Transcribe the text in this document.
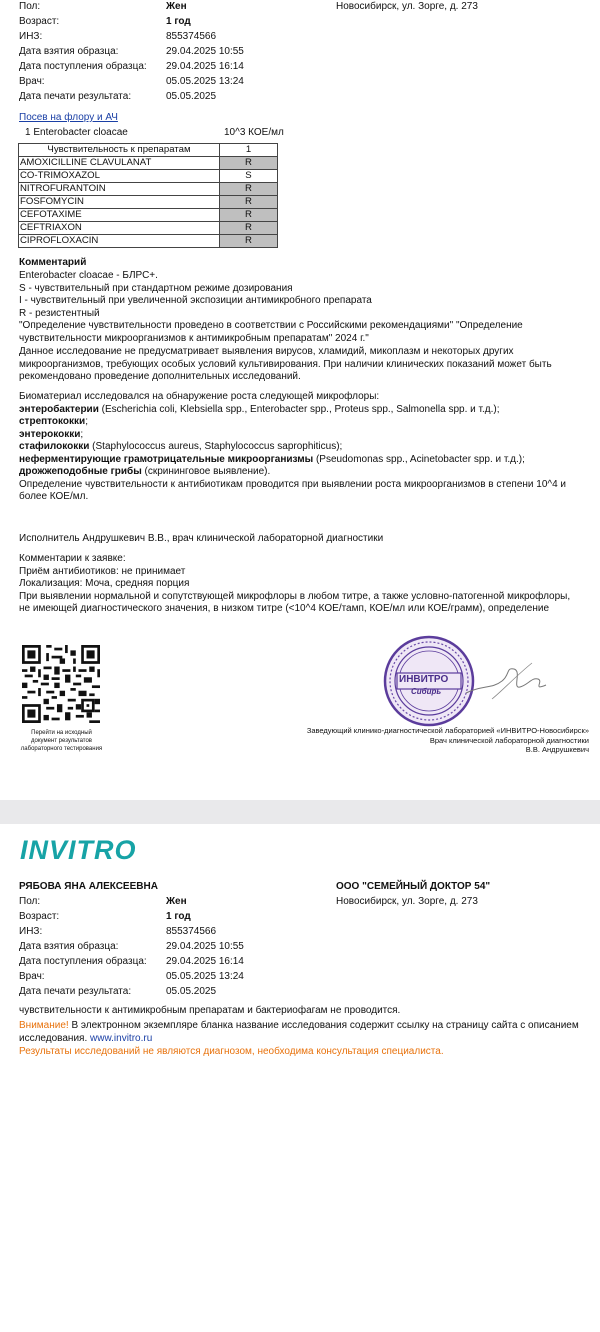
Пол:	Жен	Новосибирск, ул. Зорге, д. 273
Возраст:	1 год
ИНЗ:	855374566
Дата взятия образца:	29.04.2025 10:55
Дата поступления образца: 29.04.2025 16:14
Врач:	05.05.2025 13:24
Дата печати результата:	05.05.2025
Посев на флору и АЧ
1 Enterobacter cloacae	10^3 КОЕ/мл
Чувствительность к препаратам	1
AMOXICILLINE CLAVULANAT	R
CO-TRIMOXAZOL	S
NITROFURANTOIN	R
FOSFOMYCIN	R
CEFOTAXIME	R
CEFTRIAXON	R
CIPROFLOXACIN	R
Комментарий
Enterobacter cloacae - БЛРС+.
S - чувствительный при стандартном режиме дозирования
I - чувствительный при увеличенной экспозиции антимикробного препарата
R - резистентный
"Определение чувствительности проведено в соответствии с Российскими рекомендациями" "Определение
чувствительности микроорганизмов к антимикробным препаратам" 2024 г."
Данное исследование не предусматривает выявления вирусов, хламидий, микоплазм и некоторых других
микроорганизмов, требующих особых условий культивирования. При наличии клинических показаний может быть
рекомендовано проведение дополнительных исследований.
Биоматериал исследовался на обнаружение роста следующей микрофлоры:
энтеробактерии (Escherichia coli, Klebsiella spp., Enterobacter spp., Proteus spp., Salmonella spp. и т.д.);
стрептококки;
энтерококки;
стафилококки (Staphylococcus aureus, Staphylococcus saprophiticus);
неферментирующие грамотрицательные микроорганизмы (Pseudomonas spp., Acinetobacter spp. и т.д.);
дрожжеподобные грибы (скрининговое выявление).
Определение чувствительности к антибиотикам проводится при выявлении роста микроорганизмов в степени 10^4 и
более КОЕ/мл.
Исполнитель Андрушкевич В.В., врач клинической лабораторной диагностики
Комментарии к заявке:
Приём антибиотиков: не принимает
Локализация: Моча, средняя порция
При выявлении нормальной и сопутствующей микрофлоры в любом титре, а также условно-патогенной микрофлоры,
не имеющей диагностического значения, в низком титре (<10^4 КОЕ/тамп, КОЕ/мл или КОЕ/грамм), определение
Перейти на исходный
документ результатов
лабораторного тестирования
ИНВИТРО
Сибирь
Заведующий клинико-диагностической лабораторией «ИНВИТРО-Новосибирск»
Врач клинической лабораторной диагностики
В.В. Андрушкевич
INVITRO
РЯБОВА ЯНА АЛЕКСЕЕВНА	ООО "СЕМЕЙНЫЙ ДОКТОР 54"
Пол:	Жен	Новосибирск, ул. Зорге, д. 273
Возраст:	1 год
ИНЗ:	855374566
Дата взятия образца:	29.04.2025 10:55
Дата поступления образца: 29.04.2025 16:14
Врач:	05.05.2025 13:24
Дата печати результата:	05.05.2025
чувствительности к антимикробным препаратам и бактериофагам не проводится.
Внимание! В электронном экземпляре бланка название исследования содержит ссылку на страницу сайта с описанием
исследования. www.invitro.ru
Результаты исследований не являются диагнозом, необходима консультация специалиста.
